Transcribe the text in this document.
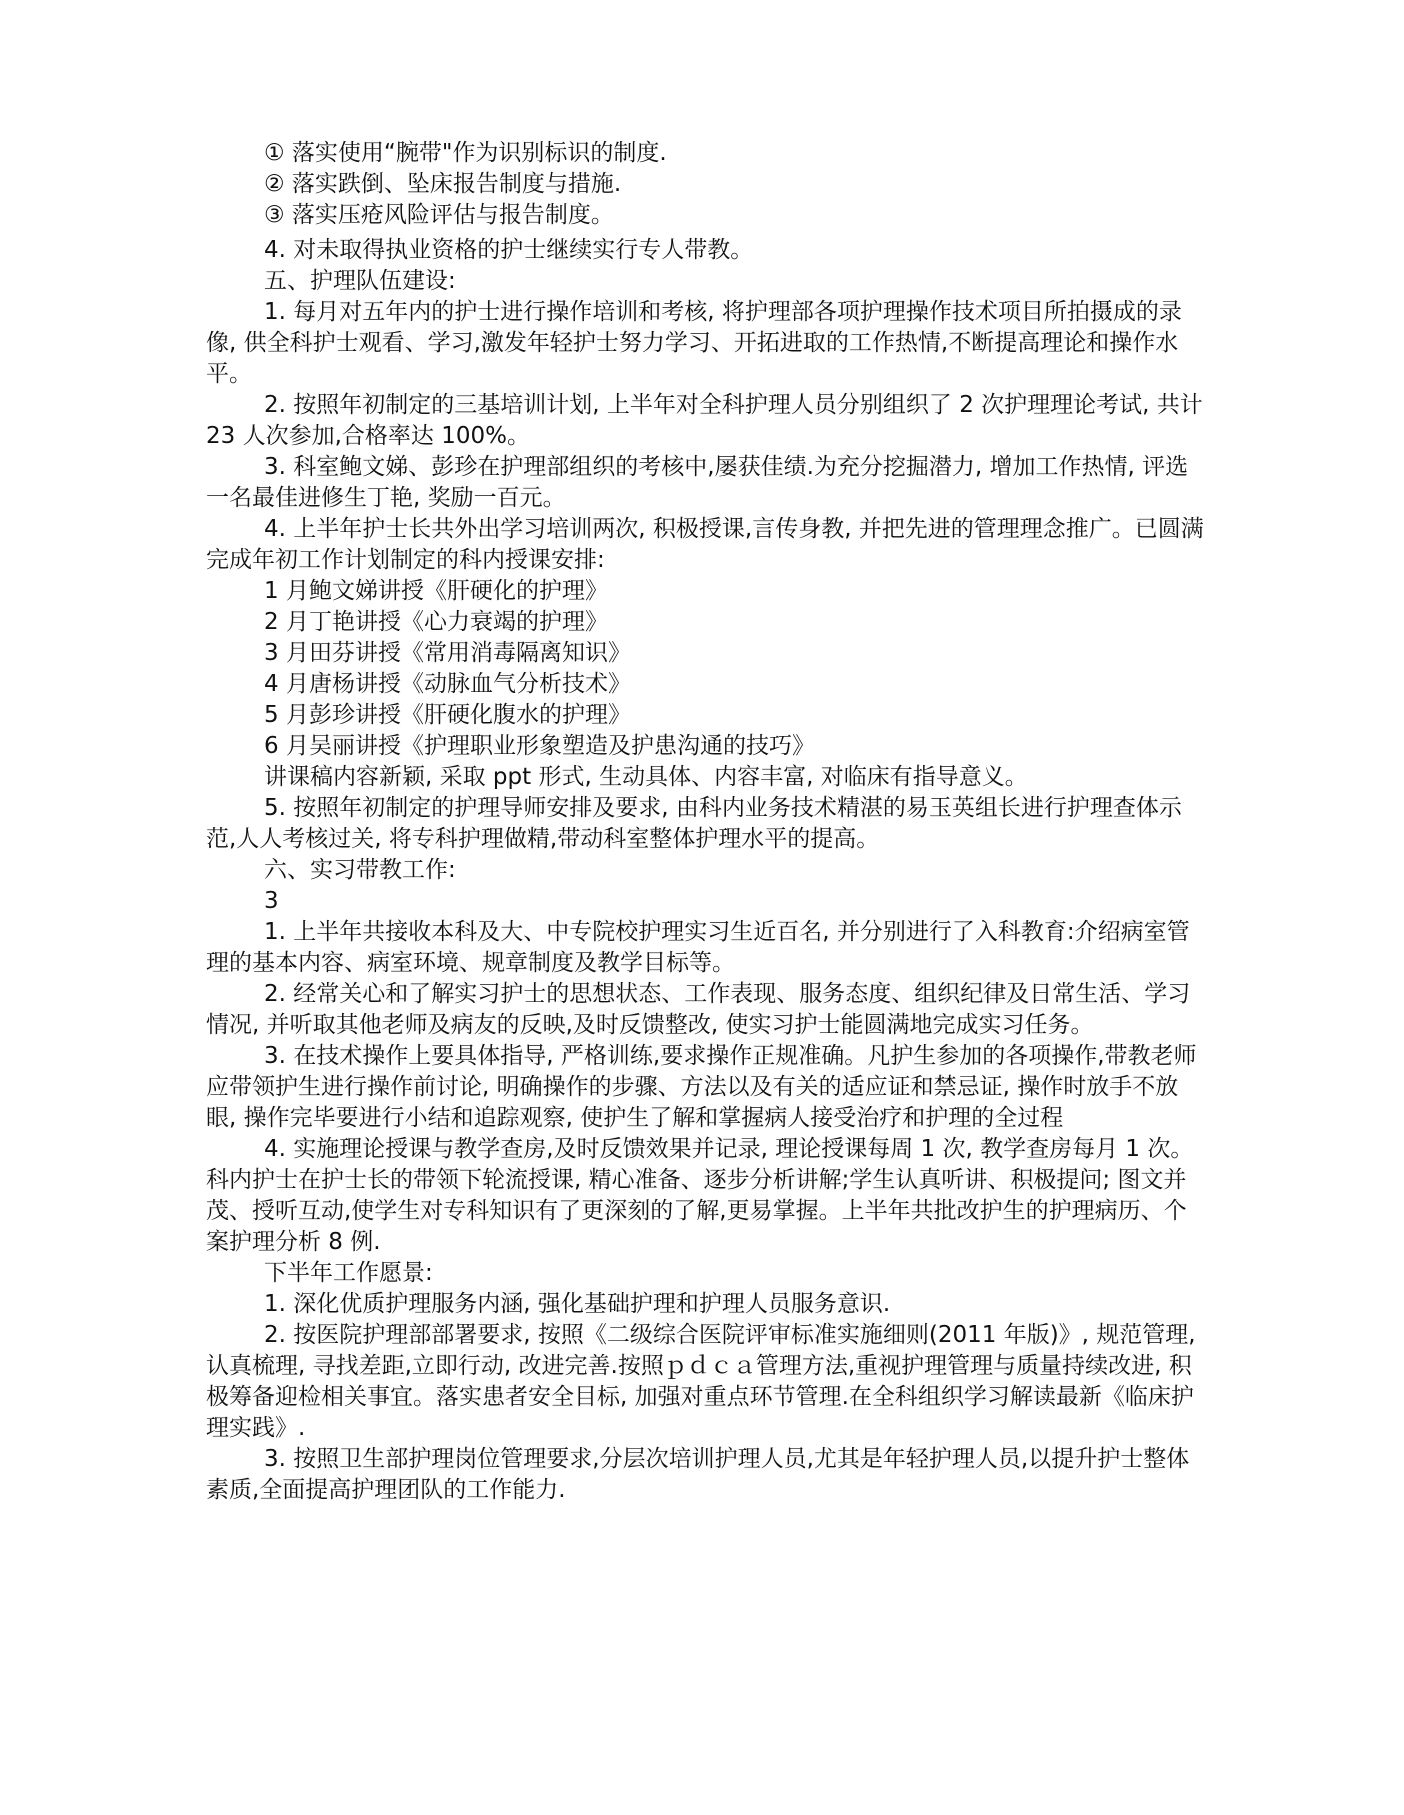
① 落实使用“腕带"作为识别标识的制度.

② 落实跌倒、坠床报告制度与措施.

③ 落实压疮风险评估与报告制度。

4. 对未取得执业资格的护士继续实行专人带教。

五、护理队伍建设:

1. 每月对五年内的护士进行操作培训和考核, 将护理部各项护理操作技术项目所拍摄成的录像, 供全科护士观看、学习,激发年轻护士努力学习、开拓进取的工作热情,不断提高理论和操作水平。

2. 按照年初制定的三基培训计划, 上半年对全科护理人员分别组织了 2 次护理理论考试, 共计 23 人次参加,合格率达 100%。

3. 科室鲍文娣、彭珍在护理部组织的考核中,屡获佳绩.为充分挖掘潜力, 增加工作热情, 评选一名最佳进修生丁艳, 奖励一百元。

4. 上半年护士长共外出学习培训两次, 积极授课,言传身教, 并把先进的管理理念推广。已圆满完成年初工作计划制定的科内授课安排:

1 月鲍文娣讲授《肝硬化的护理》

2 月丁艳讲授《心力衰竭的护理》

3 月田芬讲授《常用消毒隔离知识》

4 月唐杨讲授《动脉血气分析技术》

5 月彭珍讲授《肝硬化腹水的护理》

6 月吴丽讲授《护理职业形象塑造及护患沟通的技巧》

讲课稿内容新颖, 采取 ppt 形式, 生动具体、内容丰富, 对临床有指导意义。

5. 按照年初制定的护理导师安排及要求, 由科内业务技术精湛的易玉英组长进行护理查体示范,人人考核过关, 将专科护理做精,带动科室整体护理水平的提高。

六、实习带教工作:

3

1. 上半年共接收本科及大、中专院校护理实习生近百名, 并分别进行了入科教育:介绍病室管理的基本内容、病室环境、规章制度及教学目标等。

2. 经常关心和了解实习护士的思想状态、工作表现、服务态度、组织纪律及日常生活、学习情况, 并听取其他老师及病友的反映,及时反馈整改, 使实习护士能圆满地完成实习任务。

3. 在技术操作上要具体指导, 严格训练,要求操作正规准确。凡护生参加的各项操作,带教老师应带领护生进行操作前讨论, 明确操作的步骤、方法以及有关的适应证和禁忌证, 操作时放手不放眼, 操作完毕要进行小结和追踪观察, 使护生了解和掌握病人接受治疗和护理的全过程

4. 实施理论授课与教学查房,及时反馈效果并记录, 理论授课每周 1 次, 教学查房每月 1 次。科内护士在护士长的带领下轮流授课, 精心准备、逐步分析讲解;学生认真听讲、积极提问; 图文并茂、授听互动,使学生对专科知识有了更深刻的了解,更易掌握。上半年共批改护生的护理病历、个案护理分析 8 例.

下半年工作愿景:

1. 深化优质护理服务内涵, 强化基础护理和护理人员服务意识.

2. 按医院护理部部署要求, 按照《二级综合医院评审标准实施细则(2011 年版)》, 规范管理, 认真梳理, 寻找差距,立即行动, 改进完善.按照ｐｄｃａ管理方法,重视护理管理与质量持续改进, 积极筹备迎检相关事宜。落实患者安全目标, 加强对重点环节管理.在全科组织学习解读最新《临床护理实践》.

3. 按照卫生部护理岗位管理要求,分层次培训护理人员,尤其是年轻护理人员,以提升护士整体素质,全面提高护理团队的工作能力.
